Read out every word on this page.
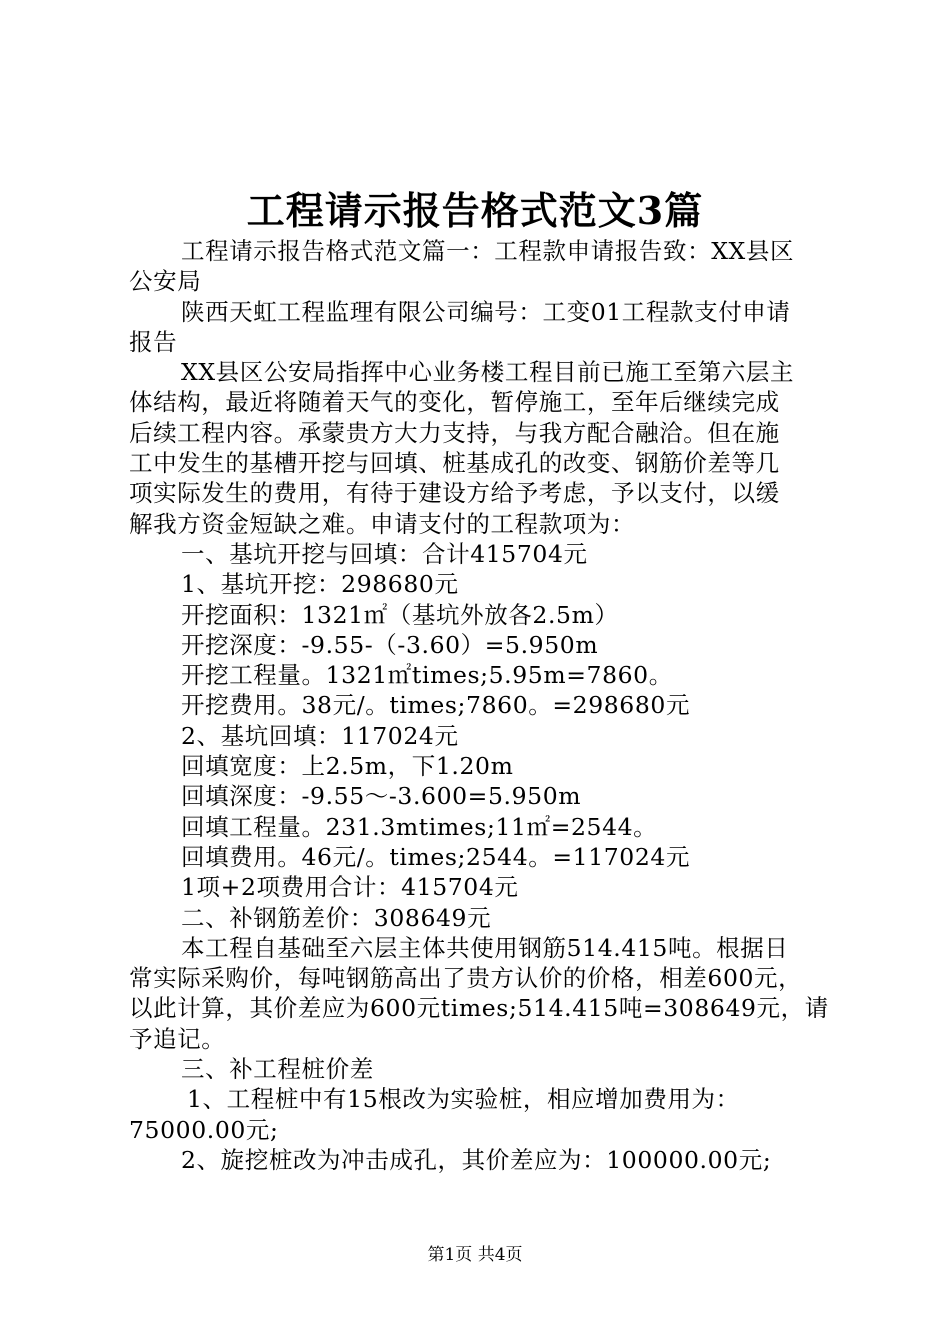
工程请示报告格式范文3篇

工程请示报告格式范文篇一：工程款申请报告致：XX县区

公安局

陕西天虹工程监理有限公司编号：工变01工程款支付申请

报告

XX县区公安局指挥中心业务楼工程目前已施工至第六层主

体结构，最近将随着天气的变化，暂停施工，至年后继续完成

后续工程内容。承蒙贵方大力支持，与我方配合融洽。但在施

工中发生的基槽开挖与回填、桩基成孔的改变、钢筋价差等几

项实际发生的费用，有待于建设方给予考虑，予以支付，以缓

解我方资金短缺之难。申请支付的工程款项为：

一、基坑开挖与回填：合计415704元

1、基坑开挖：298680元

开挖面积：1321㎡（基坑外放各2.5m）

开挖深度：-9.55-（-3.60）=5.950m

开挖工程量。1321㎡times;5.95m=7860。

开挖费用。38元/。times;7860。=298680元

2、基坑回填：117024元

回填宽度：上2.5m，下1.20m

回填深度：-9.55～-3.600=5.950m

回填工程量。231.3mtimes;11㎡=2544。

回填费用。46元/。times;2544。=117024元

1项+2项费用合计：415704元

二、补钢筋差价：308649元

本工程自基础至六层主体共使用钢筋514.415吨。根据日

常实际采购价，每吨钢筋高出了贵方认价的价格，相差600元，

以此计算，其价差应为600元times;514.415吨=308649元，请

予追记。

三、补工程桩价差

1、工程桩中有15根改为实验桩，相应增加费用为：

75000.00元;

2、旋挖桩改为冲击成孔，其价差应为：100000.00元;

第1页 共4页
